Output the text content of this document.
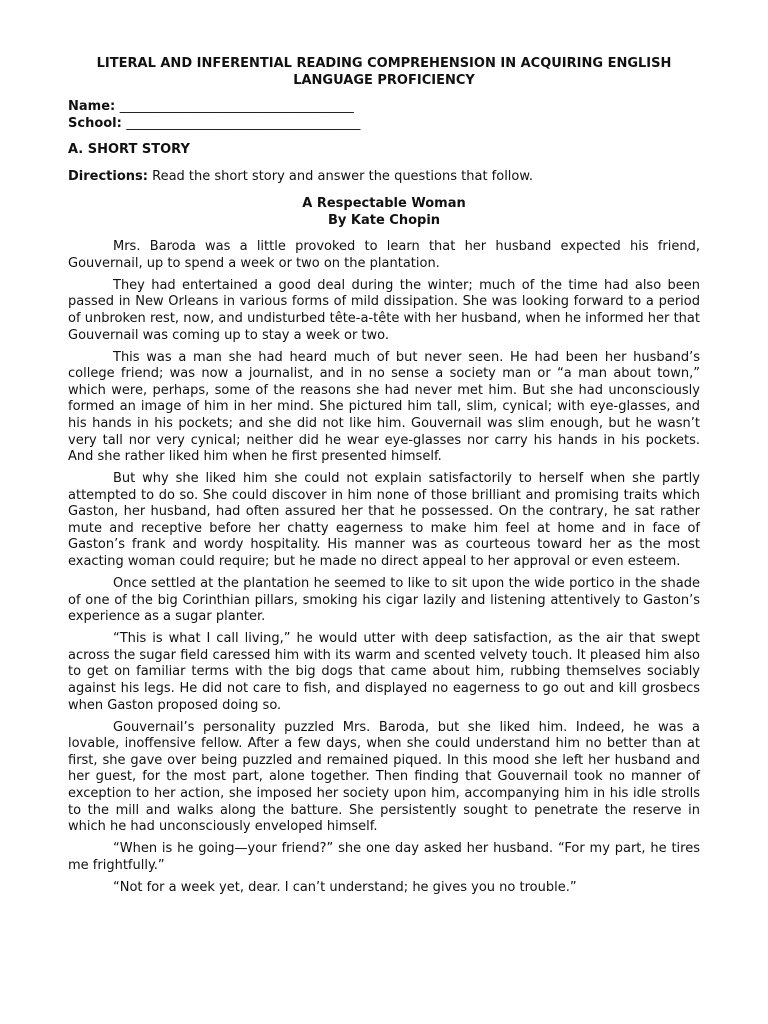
LITERAL AND INFERENTIAL READING COMPREHENSION IN ACQUIRING ENGLISH LANGUAGE PROFICIENCY
Name: ____________________________________
School: ____________________________________
A. SHORT STORY
Directions: Read the short story and answer the questions that follow.
A Respectable Woman
By Kate Chopin

Mrs. Baroda was a little provoked to learn that her husband expected his friend, Gouvernail, up to spend a week or two on the plantation.

They had entertained a good deal during the winter; much of the time had also been passed in New Orleans in various forms of mild dissipation. She was looking forward to a period of unbroken rest, now, and undisturbed tête-a-tête with her husband, when he informed her that Gouvernail was coming up to stay a week or two.

This was a man she had heard much of but never seen. He had been her husband’s college friend; was now a journalist, and in no sense a society man or “a man about town,” which were, perhaps, some of the reasons she had never met him. But she had unconsciously formed an image of him in her mind. She pictured him tall, slim, cynical; with eye-glasses, and his hands in his pockets; and she did not like him. Gouvernail was slim enough, but he wasn’t very tall nor very cynical; neither did he wear eye-glasses nor carry his hands in his pockets. And she rather liked him when he first presented himself.

But why she liked him she could not explain satisfactorily to herself when she partly attempted to do so. She could discover in him none of those brilliant and promising traits which Gaston, her husband, had often assured her that he possessed. On the contrary, he sat rather mute and receptive before her chatty eagerness to make him feel at home and in face of Gaston’s frank and wordy hospitality. His manner was as courteous toward her as the most exacting woman could require; but he made no direct appeal to her approval or even esteem.

Once settled at the plantation he seemed to like to sit upon the wide portico in the shade of one of the big Corinthian pillars, smoking his cigar lazily and listening attentively to Gaston’s experience as a sugar planter.

“This is what I call living,” he would utter with deep satisfaction, as the air that swept across the sugar field caressed him with its warm and scented velvety touch. It pleased him also to get on familiar terms with the big dogs that came about him, rubbing themselves sociably against his legs. He did not care to fish, and displayed no eagerness to go out and kill grosbecs when Gaston proposed doing so.

Gouvernail’s personality puzzled Mrs. Baroda, but she liked him. Indeed, he was a lovable, inoffensive fellow. After a few days, when she could understand him no better than at first, she gave over being puzzled and remained piqued. In this mood she left her husband and her guest, for the most part, alone together. Then finding that Gouvernail took no manner of exception to her action, she imposed her society upon him, accompanying him in his idle strolls to the mill and walks along the batture. She persistently sought to penetrate the reserve in which he had unconsciously enveloped himself.

“When is he going—your friend?” she one day asked her husband. “For my part, he tires me frightfully.”

“Not for a week yet, dear. I can’t understand; he gives you no trouble.”
